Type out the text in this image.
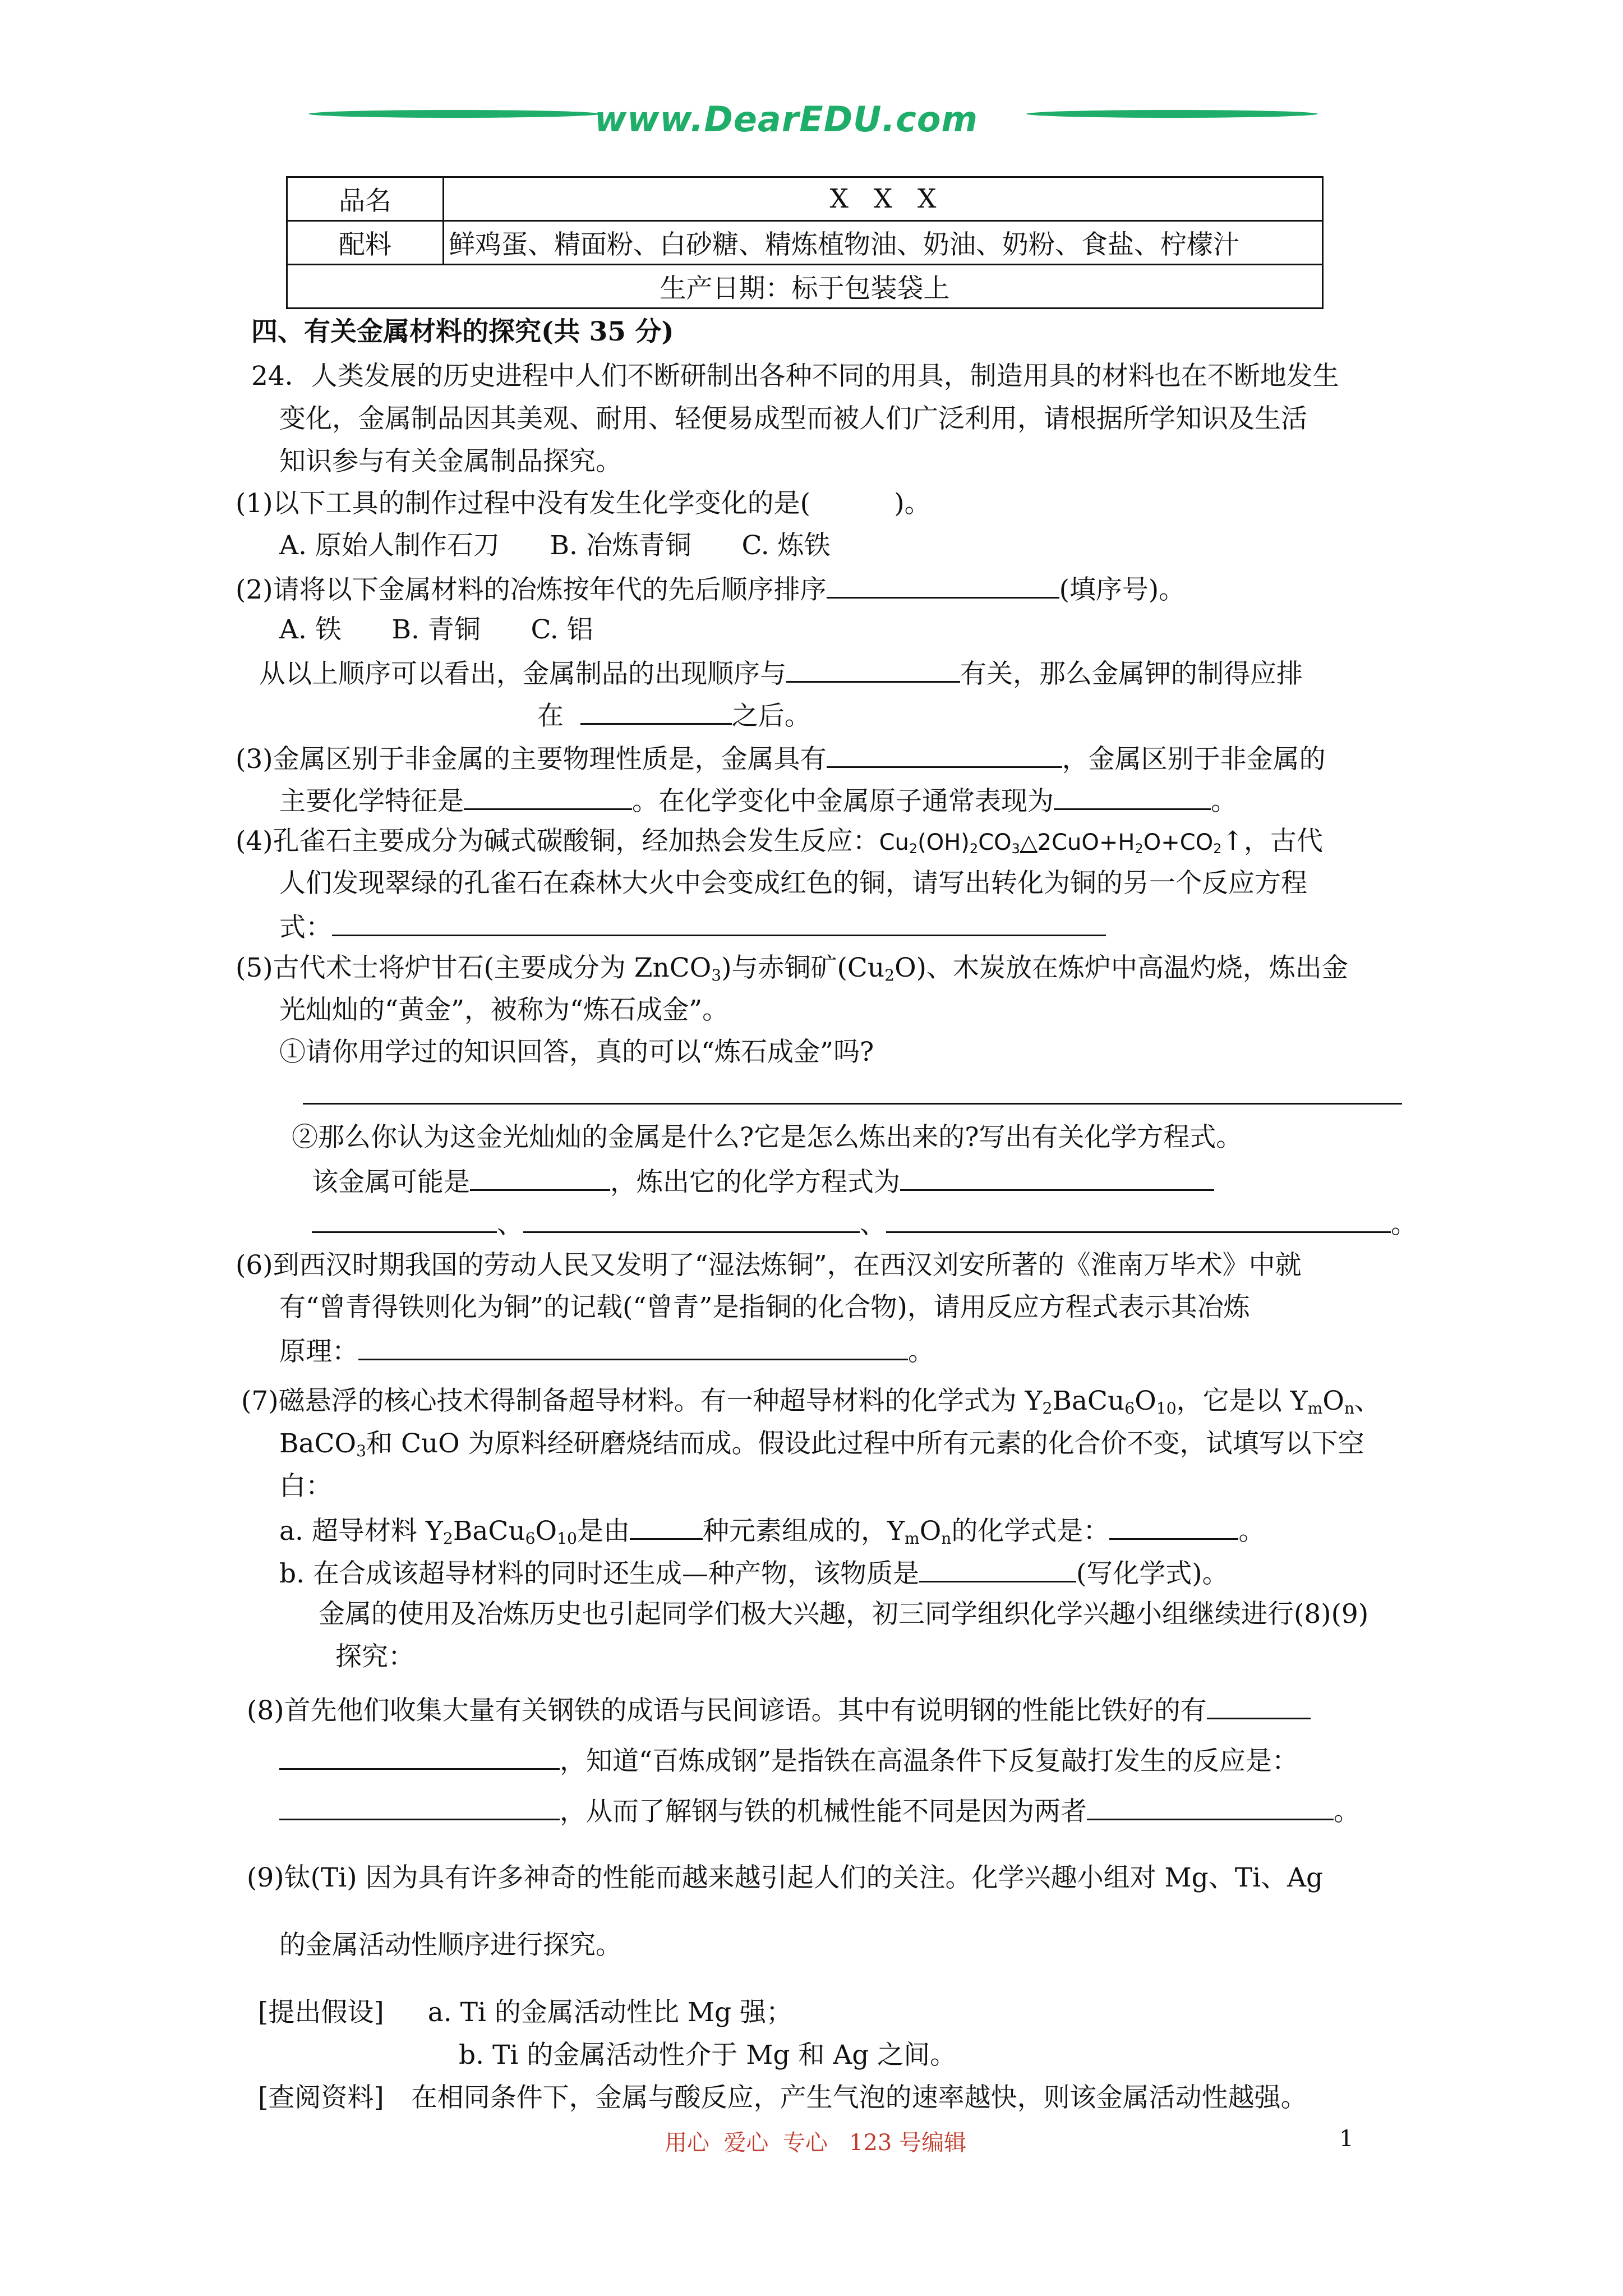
www.DearEDU.com
品名	X   X   X
配料	鲜鸡蛋、精面粉、白砂糖、精炼植物油、奶油、奶粉、食盐、柠檬汁
生产日期：标于包装袋上	
四、有关金属材料的探究(共 35 分)
24．人类发展的历史进程中人们不断研制出各种不同的用具，制造用具的材料也在不断地发生
变化，金属制品因其美观、耐用、轻便易成型而被人们广泛利用，请根据所学知识及生活
知识参与有关金属制品探究。
(1)以下工具的制作过程中没有发生化学变化的是(          )。
A. 原始人制作石刀      B. 冶炼青铜      C. 炼铁
(2)请将以下金属材料的冶炼按年代的先后顺序排序	(填序号)。
A. 铁      B. 青铜      C. 铝
从以上顺序可以看出，金属制品的出现顺序与	有关，那么金属钾的制得应排
在	之后。
(3)金属区别于非金属的主要物理性质是，金属具有	，金属区别于非金属的
主要化学特征是	。在化学变化中金属原子通常表现为	。
(4)孔雀石主要成分为碱式碳酸铜，经加热会发生反应：$Cu_2(OH)_2CO_3\triangle 2CuO+H_2O+CO_2↑$，古代
人们发现翠绿的孔雀石在森林大火中会变成红色的铜，请写出转化为铜的另一个反应方程
式：
(5)古代术士将炉甘石(主要成分为 ZnCO$_3$)与赤铜矿$(Cu_2O)$、木炭放在炼炉中高温灼烧，炼出金
光灿灿的“黄金”，被称为“炼石成金”。
①请你用学过的知识回答，真的可以“炼石成金”吗?
②那么你认为这金光灿灿的金属是什么?它是怎么炼出来的?写出有关化学方程式。
该金属可能是	，炼出它的化学方程式为
、	、	。
(6)到西汉时期我国的劳动人民又发明了“湿法炼铜”，在西汉刘安所著的《淮南万毕术》中就
有“曾青得铁则化为铜”的记载(“曾青”是指铜的化合物)，请用反应方程式表示其冶炼
原理：	。
(7)磁悬浮的核心技术得制备超导材料。有一种超导材料的化学式为 $Y_2BaCu_6O_{10}$，它是以 $Y_mO_n$、
BaCO$_3$和 CuO 为原料经研磨烧结而成。假设此过程中所有元素的化合价不变，试填写以下空
白：
a. 超导材料 $Y_2BaCu_6O_{10}$是由	种元素组成的，$Y_mO_n$的化学式是：	。
b. 在合成该超导材料的同时还生成—种产物，该物质是	(写化学式)。
金属的使用及冶炼历史也引起同学们极大兴趣，初三同学组织化学兴趣小组继续进行(8)(9)
探究：
(8)首先他们收集大量有关钢铁的成语与民间谚语。其中有说明钢的性能比铁好的有
，知道“百炼成钢”是指铁在高温条件下反复敲打发生的反应是：
，从而了解钢与铁的机械性能不同是因为两者	。
(9)钛(Ti) 因为具有许多神奇的性能而越来越引起人们的关注。化学兴趣小组对 Mg、Ti、Ag
的金属活动性顺序进行探究。
[提出假设] a. Ti 的金属活动性比 Mg 强；
b. Ti 的金属活动性介于 Mg 和 Ag 之间。
[查阅资料] 在相同条件下，金属与酸反应，产生气泡的速率越快，则该金属活动性越强。
用心  爱心  专心   123 号编辑	1
